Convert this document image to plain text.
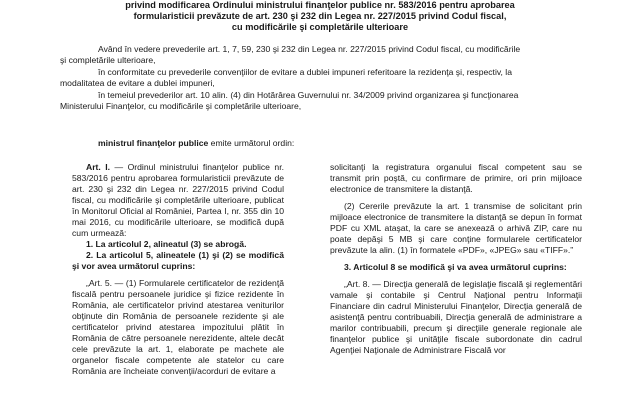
privind modificarea Ordinului ministrului finanţelor publice nr. 583/2016 pentru aprobarea
formularisticii prevăzute de art. 230 şi 232 din Legea nr. 227/2015 privind Codul fiscal,
cu modificările şi completările ulterioare

Având în vedere prevederile art. 1, 7, 59, 230 şi 232 din Legea nr. 227/2015 privind Codul fiscal, cu modificările

şi completările ulterioare,

în conformitate cu prevederile convenţiilor de evitare a dublei impuneri referitoare la rezidenţa şi, respectiv, la

modalitatea de evitare a dublei impuneri,

în temeiul prevederilor art. 10 alin. (4) din Hotărârea Guvernului nr. 34/2009 privind organizarea şi funcţionarea

Ministerului Finanţelor, cu modificările şi completările ulterioare,

ministrul finanţelor publice emite următorul ordin:

Art. I. — Ordinul ministrului finanţelor publice nr. 583/2016 pentru aprobarea formularisticii prevăzute de art. 230 şi 232 din Legea nr. 227/2015 privind Codul fiscal, cu modificările şi completările ulterioare, publicat în Monitorul Oficial al României, Partea I, nr. 355 din 10 mai 2016, cu modificările ulterioare, se modifică după cum urmează:

1. La articolul 2, alineatul (3) se abrogă.

2. La articolul 5, alineatele (1) şi (2) se modifică şi vor avea următorul cuprins:

„Art. 5. — (1) Formularele certificatelor de rezidenţă fiscală pentru persoanele juridice şi fizice rezidente în România, ale certificatelor privind atestarea veniturilor obţinute din România de persoanele rezidente şi ale certificatelor privind atestarea impozitului plătit în România de către persoanele nerezidente, altele decât cele prevăzute la art. 1, elaborate pe machete ale organelor fiscale competente ale statelor cu care România are încheiate convenţii/acorduri de evitare a

solicitanţi la registratura organului fiscal competent sau se transmit prin poştă, cu confirmare de primire, ori prin mijloace electronice de transmitere la distanţă.

(2) Cererile prevăzute la art. 1 transmise de solicitant prin mijloace electronice de transmitere la distanţă se depun în format PDF cu XML ataşat, la care se anexează o arhivă ZIP, care nu poate depăşi 5 MB şi care conţine formularele certificatelor prevăzute la alin. (1) în formatele «PDF», «JPEG» sau «TIFF».”

3. Articolul 8 se modifică şi va avea următorul cuprins:

„Art. 8. — Direcţia generală de legislaţie fiscală şi reglementări vamale şi contabile şi Centrul Naţional pentru Informaţii Financiare din cadrul Ministerului Finanţelor, Direcţia generală de asistenţă pentru contribuabili, Direcţia generală de administrare a marilor contribuabili, precum şi direcţiile generale regionale ale finanţelor publice şi unităţile fiscale subordonate din cadrul Agenţiei Naţionale de Administrare Fiscală vor
